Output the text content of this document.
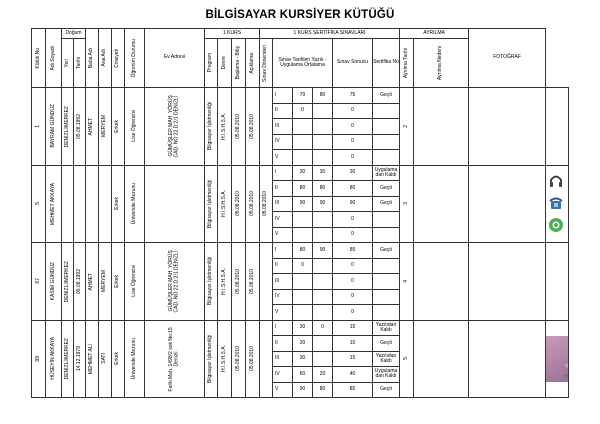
BİLGİSAYAR KURSİYER KÜTÜĞÜ
Kütük No	Adı Soyadı	Doğum		Baba Adı	Ana Adı	Cinsiyeti	Öğrenim Durumu	Ev Adresi	1 KURS				1 KURS SERTİFİKA SINAVLARI						AYRILMA		FOTOĞRAF	

		Yeri	Tarihi						Program	Devre	Başlama - Bitiş	Açıklama	Sınav Dönemleri	Sınav Tarihleri Yazılı - Uygulama Ortalama			Sınav Sonucu	Sertifika No	Ayrılma Tarihi	Ayrılma Nedeni		

1	BAYRAM GÜNDÜZ	DENİZLİ/MERKEZ	05.08.1992	AHMET	MERYEM	Erkek	Lise Öğrencisi	GÜMÜŞLER MAH. YÖRÜŞ CAD. NO:22 D:2/1 DENİZLİ	Bilgisayar İşletmenliği	H.İ.S.H.S.A.	05.08.2010	05.08.2010		I	70	80	75	Geçti	2			

														II	0		0					
														III			0					
														IV			0					
														V			0					

5	MEHMET AKKAYA					Erkek	Üniversite Mezunu		Bilgisayar İşletmenliği	H.İ.S.H.S.A.	05.08.2010	05.08.2010	05.08.2010	I	30	30	30	Uygulama dan Kaldı	3

														II	80	80	80	Geçti				
														III	90	90	90	Geçti				
														IV			0					
														V			0					

67	KASIM GÜNDÜZ	DENİZLİ/MERKEZ	05.08.1992	AHMET	MERYEM	Erkek	Lise Öğrencisi	GÜMÜŞLER MAH. YÖRÜŞ CAD. NO:22 D:2/1 DENİZLİ	Bilgisayar İşletmenliği	H.İ.S.H.S.A.	05.08.2010	05.08.2010		I	80	90	85	Geçti	4			

														II	0		0					
														III			0					
														IV			0					
														V			0					

99	HÜSEYİN AKKAYA	DENİZLİ/MERKEZ	14.12.1979	MEHMET ALİ	SATI	Erkek	Üniversite Mezunu	Fatih Mah. 1498/2 sok No:15 Denizli	Bilgisayar İşletmenliği	H.İ.S.H.S.A.	05.08.2010	05.08.2010		I	30	0	15	Yazılıdan Kaldı	5

														II	20		10	Geçti				
														III	30		15	Yazılıdan Kaldı				
														IV	60	20	40	Uygulama dan Kaldı				
														V	90	80	85	Geçti				
